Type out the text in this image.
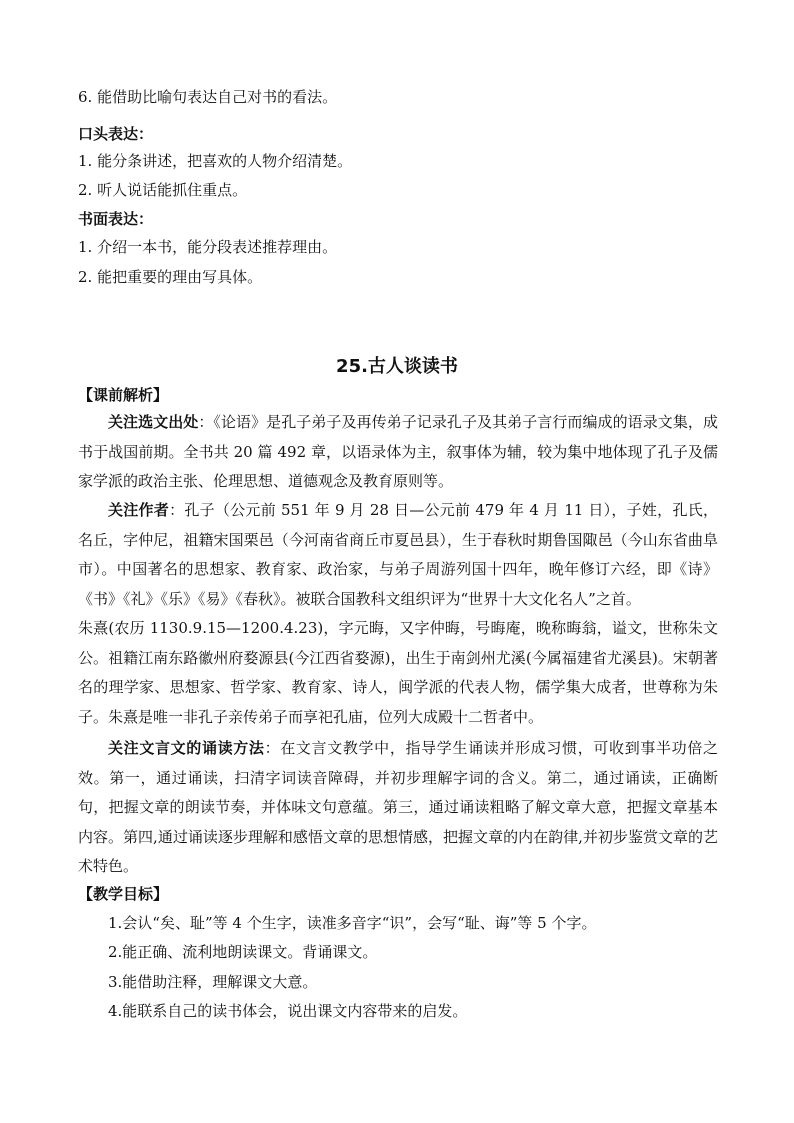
6. 能借助比喻句表达自己对书的看法。
口头表达：
1. 能分条讲述，把喜欢的人物介绍清楚。
2. 听人说话能抓住重点。
书面表达：
1. 介绍一本书，能分段表述推荐理由。
2. 能把重要的理由写具体。
25.古人谈读书
【课前解析】
关注选文出处：《论语》是孔子弟子及再传弟子记录孔子及其弟子言行而编成的语录文集，成书于战国前期。全书共 20 篇 492 章，以语录体为主，叙事体为辅，较为集中地体现了孔子及儒家学派的政治主张、伦理思想、道德观念及教育原则等。
关注作者：孔子（公元前 551 年 9 月 28 日—公元前 479 年 4 月 11 日），子姓，孔氏，名丘，字仲尼，祖籍宋国栗邑（今河南省商丘市夏邑县），生于春秋时期鲁国陬邑（今山东省曲阜市）。中国著名的思想家、教育家、政治家，与弟子周游列国十四年，晚年修订六经，即《诗》《书》《礼》《乐》《易》《春秋》。被联合国教科文组织评为“世界十大文化名人”之首。
朱熹(农历 1130.9.15—1200.4.23)，字元晦，又字仲晦，号晦庵，晚称晦翁，谥文，世称朱文公。祖籍江南东路徽州府婺源县(今江西省婺源)，出生于南剑州尤溪(今属福建省尤溪县)。宋朝著名的理学家、思想家、哲学家、教育家、诗人，闽学派的代表人物，儒学集大成者，世尊称为朱子。朱熹是唯一非孔子亲传弟子而享祀孔庙，位列大成殿十二哲者中。
关注文言文的诵读方法：在文言文教学中，指导学生诵读并形成习惯，可收到事半功倍之效。第一，通过诵读，扫清字词读音障碍，并初步理解字词的含义。第二，通过诵读，正确断句，把握文章的朗读节奏，并体味文句意蕴。第三，通过诵读粗略了解文章大意，把握文章基本内容。第四,通过诵读逐步理解和感悟文章的思想情感，把握文章的内在韵律,并初步鉴赏文章的艺术特色。
【教学目标】
1.会认“矣、耻”等 4 个生字，读准多音字“识”，会写“耻、诲”等 5 个字。
2.能正确、流利地朗读课文。背诵课文。
3.能借助注释，理解课文大意。
4.能联系自己的读书体会，说出课文内容带来的启发。
